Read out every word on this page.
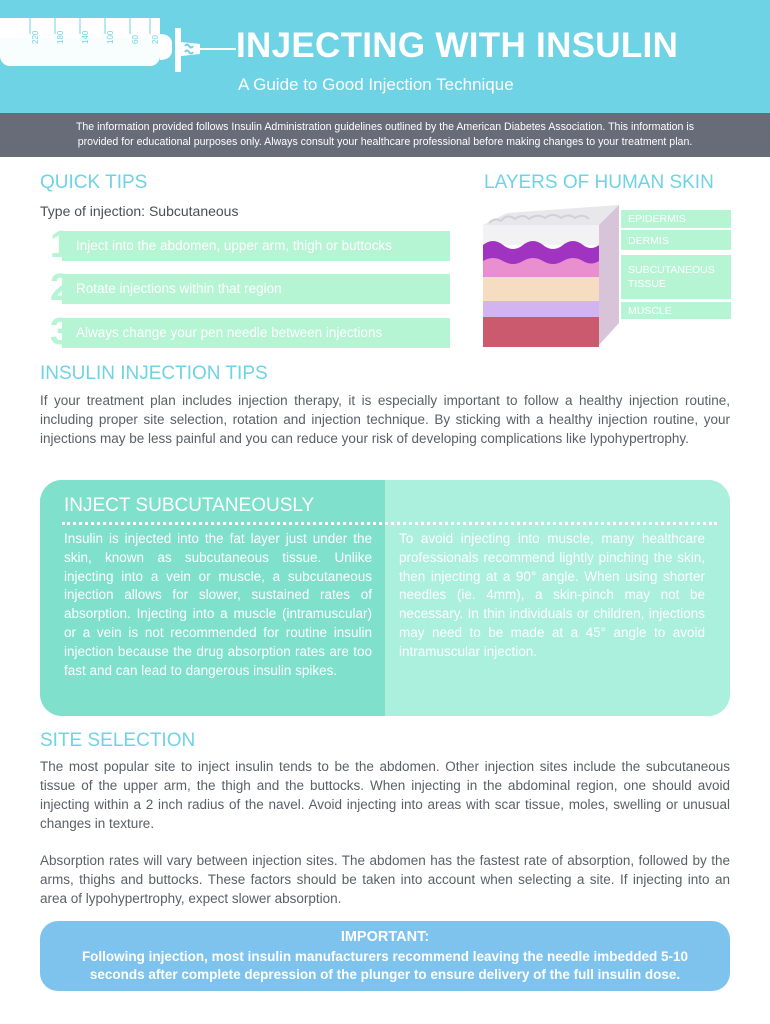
220 180 140 100 60 20 INJECTING WITH INSULIN
A Guide to Good Injection Technique
The information provided follows Insulin Administration guidelines outlined by the American Diabetes Association. This information is
provided for educational purposes only. Always consult your healthcare professional before making changes to your treatment plan.
QUICK TIPS
Type of injection: Subcutaneous
1 Inject into the abdomen, upper arm, thigh or buttocks
2 Rotate injections within that region
3 Always change your pen needle between injections
LAYERS OF HUMAN SKIN
EPIDERMIS
DERMIS
SUBCUTANEOUS TISSUE
MUSCLE
INSULIN INJECTION TIPS

If your treatment plan includes injection therapy, it is especially important to follow a healthy injection routine, including proper site selection, rotation and injection technique. By sticking with a healthy injection routine, your injections may be less painful and you can reduce your risk of developing complications like lypohypertrophy.

INJECT SUBCUTANEOUSLY

Insulin is injected into the fat layer just under the skin, known as subcutaneous tissue. Unlike injecting into a vein or muscle, a subcutaneous injection allows for slower, sustained rates of absorption. Injecting into a muscle (intramuscular) or a vein is not recommended for routine insulin injection because the drug absorption rates are too fast and can lead to dangerous insulin spikes.

To avoid injecting into muscle, many healthcare professionals recommend lightly pinching the skin, then injecting at a 90° angle. When using shorter needles (ie. 4mm), a skin-pinch may not be necessary. In thin individuals or children, injections may need to be made at a 45° angle to avoid intramuscular injection.

SITE SELECTION

The most popular site to inject insulin tends to be the abdomen. Other injection sites include the subcutaneous tissue of the upper arm, the thigh and the buttocks. When injecting in the abdominal region, one should avoid injecting within a 2 inch radius of the navel. Avoid injecting into areas with scar tissue, moles, swelling or unusual changes in texture.

Absorption rates will vary between injection sites. The abdomen has the fastest rate of absorption, followed by the arms, thighs and buttocks. These factors should be taken into account when selecting a site. If injecting into an area of lypohypertrophy, expect slower absorption.

IMPORTANT:
Following injection, most insulin manufacturers recommend leaving the needle imbedded 5-10 seconds after complete depression of the plunger to ensure delivery of the full insulin dose.
